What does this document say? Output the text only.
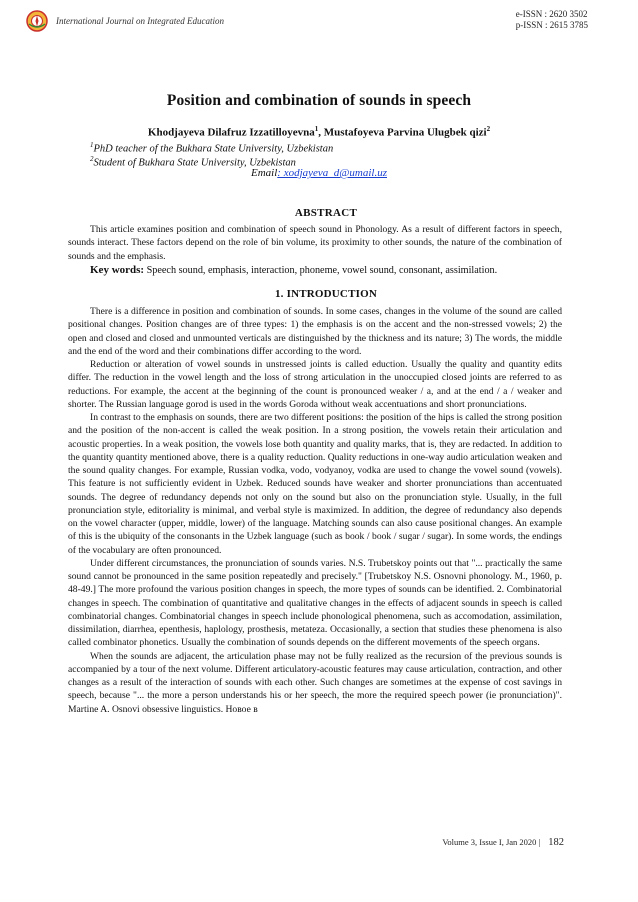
International Journal on Integrated Education
e-ISSN : 2620 3502
p-ISSN : 2615 3785
Position and combination of sounds in speech
Khodjayeva Dilafruz Izzatilloyevna$^1$, Mustafoyeva Parvina Ulugbek qizi$^2$
$^1$PhD teacher of the Bukhara State University, Uzbekistan
$^2$Student of Bukhara State University, Uzbekistan
Email: xodjayeva_d@umail.uz
ABSTRACT

This article examines position and combination of speech sound in Phonology. As a result of different factors in speech, sounds interact. These factors depend on the role of bin volume, its proximity to other sounds, the nature of the combination of sounds and the emphasis.

Key words: Speech sound, emphasis, interaction, phoneme, vowel sound, consonant, assimilation.
1. INTRODUCTION

There is a difference in position and combination of sounds. In some cases, changes in the volume of the sound are called positional changes. Position changes are of three types: 1) the emphasis is on the accent and the non-stressed vowels; 2) the open and closed and closed and unmounted verticals are distinguished by the thickness and its nature; 3) The words, the middle and the end of the word and their combinations differ according to the word.

Reduction or alteration of vowel sounds in unstressed joints is called eduction. Usually the quality and quantity edits differ. The reduction in the vowel length and the loss of strong articulation in the unoccupied closed joints are referred to as reductions. For example, the accent at the beginning of the count is pronounced weaker / a, and at the end / a / weaker and shorter. The Russian language gorod is used in the words Goroda without weak accentuations and short pronunciations.

In contrast to the emphasis on sounds, there are two different positions: the position of the hips is called the strong position and the position of the non-accent is called the weak position. In a strong position, the vowels retain their articulation and acoustic properties. In a weak position, the vowels lose both quantity and quality marks, that is, they are redacted. In addition to the quantity quantity mentioned above, there is a quality reduction. Quality reductions in one-way audio articulation weaken and the sound quality changes. For example, Russian vodka, vodo, vodyanoy, vodka are used to change the vowel sound (vowels). This feature is not sufficiently evident in Uzbek. Reduced sounds have weaker and shorter pronunciations than accentuated sounds. The degree of redundancy depends not only on the sound but also on the pronunciation style. Usually, in the full pronunciation style, editoriality is minimal, and verbal style is maximized. In addition, the degree of redundancy also depends on the vowel character (upper, middle, lower) of the language. Matching sounds can also cause positional changes. An example of this is the ubiquity of the consonants in the Uzbek language (such as book / book / sugar / sugar). In some words, the endings of the vocabulary are often pronounced.

Under different circumstances, the pronunciation of sounds varies. N.S. Trubetskoy points out that "... practically the same sound cannot be pronounced in the same position repeatedly and precisely." [Trubetskoy N.S. Osnovni phonology. M., 1960, p. 48-49.] The more profound the various position changes in speech, the more types of sounds can be identified. 2. Combinatorial changes in speech. The combination of quantitative and qualitative changes in the effects of adjacent sounds in speech is called combinatorial changes. Combinatorial changes in speech include phonological phenomena, such as accomodation, assimilation, dissimilation, diarrhea, epenthesis, haplology, prosthesis, metateza. Occasionally, a section that studies these phenomena is also called combinator phonetics. Usually the combination of sounds depends on the different movements of the speech organs.

When the sounds are adjacent, the articulation phase may not be fully realized as the recursion of the previous sounds is accompanied by a tour of the next volume. Different articulatory-acoustic features may cause articulation, contraction, and other changes as a result of the interaction of sounds with each other. Such changes are sometimes at the expense of cost savings in speech, because "... the more a person understands his or her speech, the more the required speech power (ie pronunciation)". Martine A. Osnovi obsessive linguistics. Новое в

Volume 3, Issue I, Jan 2020 | 182
